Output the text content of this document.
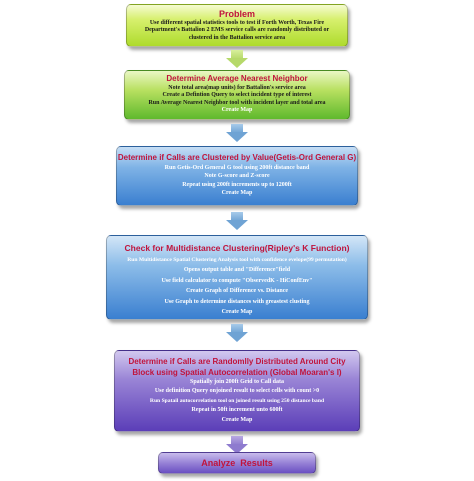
Problem
Use different spatial statistics tools to test if Forth Worth, Texas Fire
Department's Battalion 2 EMS service calls are randomly distributed or
clustered in the Battalion service area
Determine Average Nearest Neighbor
Note total area(map units) for Battalion's service area
Create a Defintion Query to select incident type of interest
Run Average Nearest Neighbor tool with incident layer and total area
Create Map
Determine if Calls are Clustered by Value(Getis-Ord General G)
Run Getis-Ord General G tool using 200ft distance band
Note G-score and Z-score
Repeat using 200ft increments up to 1200ft
Create Map
Check for Multidistance Clustering(Ripley's K Function)
Run Multidistance Spatial Clustering Analysis tool with confidence evelope(99 permutation)
Opens output table and "Difference"field
Use field calculator to compute "ObservedK - HiConfEnv"
Create Graph of Difference vs. Distance
Use Graph to determine distances with greastest clusting
Create Map
Determine if Calls are Randomlly Distributed Around City
Block using Spatial Autocorrelation (Global Moaran's I)
Spatially join 200ft Grid to Call data
Use definition Query onjoined result to select cells with count >0
Run Spatail autocorrelation tool on joined result using 250 distance band
Repeat in 50ft increment unto 600ft
Create Map
Analyze  Results
